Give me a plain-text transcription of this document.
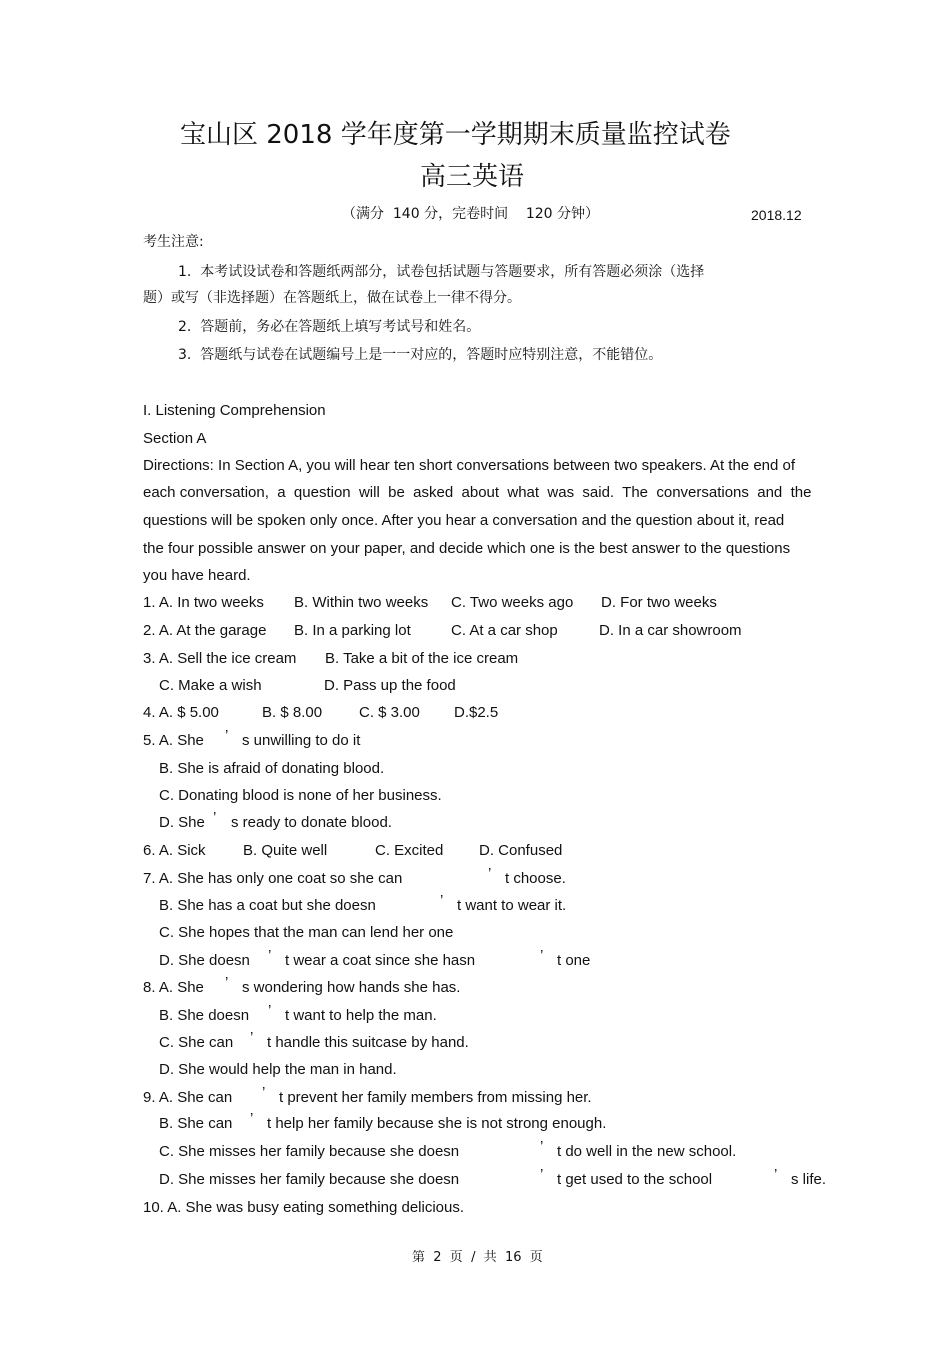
宝山区 2018 学年度第一学期期末质量监控试卷
高三英语
（满分  140 分，完卷时间    120 分钟）	2018.12
考生注意:
1.  本考试设试卷和答题纸两部分，试卷包括试题与答题要求，所有答题必须涂（选择
题）或写（非选择题）在答题纸上，做在试卷上一律不得分。
2.  答题前，务必在答题纸上填写考试号和姓名。
3.  答题纸与试卷在试题编号上是一一对应的，答题时应特别注意，不能错位。
I. Listening Comprehension
Section A
Directions: In Section A, you will hear ten short conversations between two speakers. At the end of
each conversation,  a  question  will  be  asked  about  what  was  said.  The  conversations  and  the
questions will be spoken only once. After you hear a conversation and the question about it, read
the four possible answer on your paper, and decide which one is the best answer to the questions
you have heard.
1. A. In two weeks B. Within two weeks C. Two weeks ago D. For two weeks
2. A. At the garage B. In a parking lot	C. At a car shop	D. In a car showroom
3. A. Sell the ice cream B. Take a bit of the ice cream
C. Make a wish	D. Pass up the food
4. A. $ 5.00	B. $ 8.00 C. $ 3.00 D.$2.5
5. A. She ’ s unwilling to do it
B. She is afraid of donating blood.
C. Donating blood is none of her business.
D. She ’ s ready to donate blood.
6. A. Sick B. Quite well	C. Excited D. Confused
7. A. She has only one coat so she can	’ t choose.
B. She has a coat but she doesn	’ t want to wear it.
C. She hopes that the man can lend her one
D. She doesn ’ t wear a coat since she hasn	’ t one
8. A. She ’ s wondering how hands she has.
B. She doesn ’ t want to help the man.
C. She can ’ t handle this suitcase by hand.
D. She would help the man in hand.
9. A. She can ’ t prevent her family members from missing her.
B. She can ’ t help her family because she is not strong enough.
C. She misses her family because she doesn	’ t do well in the new school.
D. She misses her family because she doesn	’ t get used to the school	’ s life.
10. A. She was busy eating something delicious.
第  2  页  /  共  16  页
